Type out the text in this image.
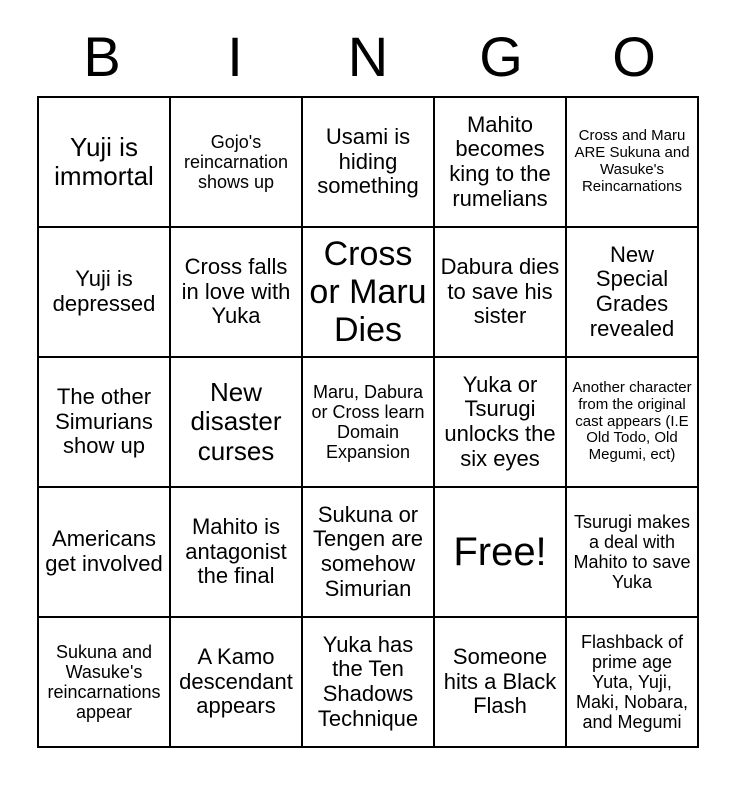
B	I	N	G	O
Yuji is immortal	Gojo's reincarnation shows up	Usami is hiding something	Mahito becomes king to the rumelians	Cross and Maru ARE Sukuna and Wasuke's Reincarnations
Yuji is depressed	Cross falls in love with Yuka	Cross or Maru Dies	Dabura dies to save his sister	New Special Grades revealed
The other Simurians show up	New disaster curses	Maru, Dabura or Cross learn Domain Expansion	Yuka or Tsurugi unlocks the six eyes	Another character from the original cast appears (I.E Old Todo, Old Megumi, ect)
Americans get involved	Mahito is antagonist the final	Sukuna or Tengen are somehow Simurian	Free!	Tsurugi makes a deal with Mahito to save Yuka
Sukuna and Wasuke's reincarnations appear	A Kamo descendant appears	Yuka has the Ten Shadows Technique	Someone hits a Black Flash	Flashback of prime age Yuta, Yuji, Maki, Nobara, and Megumi
